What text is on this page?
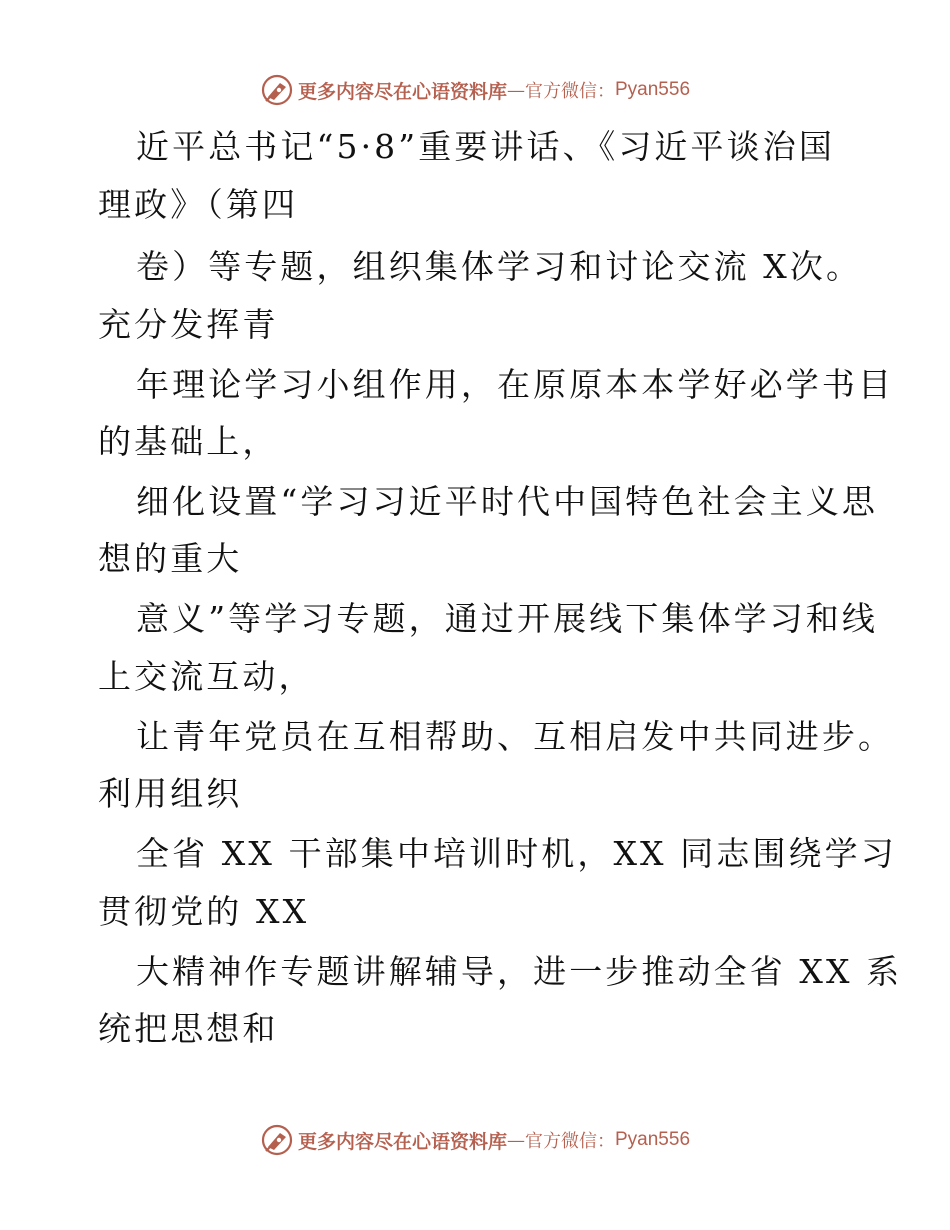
更多内容尽在心语资料库 — 官方微信： Pyan556
近平总书记“5·8”重要讲话、《习近平谈治国
理政》（第四
卷）等专题，组织集体学习和讨论交流 X次。
充分发挥青
年理论学习小组作用，在原原本本学好必学书目
的基础上，
细化设置“学习习近平时代中国特色社会主义思
想的重大
意义”等学习专题，通过开展线下集体学习和线
上交流互动，
让青年党员在互相帮助、互相启发中共同进步。
利用组织
全省 XX 干部集中培训时机，XX 同志围绕学习
贯彻党的 XX
大精神作专题讲解辅导，进一步推动全省 XX 系
统把思想和
更多内容尽在心语资料库 — 官方微信： Pyan556
